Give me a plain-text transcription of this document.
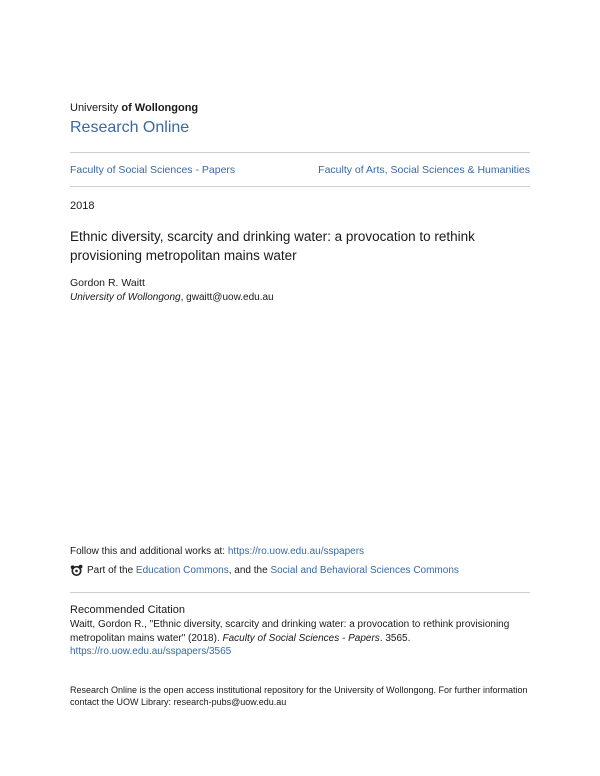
University of Wollongong
Research Online
Faculty of Social Sciences - Papers	Faculty of Arts, Social Sciences & Humanities
2018
Ethnic diversity, scarcity and drinking water: a provocation to rethink provisioning metropolitan mains water
Gordon R. Waitt
University of Wollongong, gwaitt@uow.edu.au
Follow this and additional works at: https://ro.uow.edu.au/sspapers
Part of the
Education Commons , and the
Social and Behavioral Sciences Commons
Recommended Citation
Waitt, Gordon R., "Ethnic diversity, scarcity and drinking water: a provocation to rethink provisioning metropolitan mains water" (2018). Faculty of Social Sciences - Papers. 3565.
https://ro.uow.edu.au/sspapers/3565
Research Online is the open access institutional repository for the University of Wollongong. For further information contact the UOW Library: research-pubs@uow.edu.au
